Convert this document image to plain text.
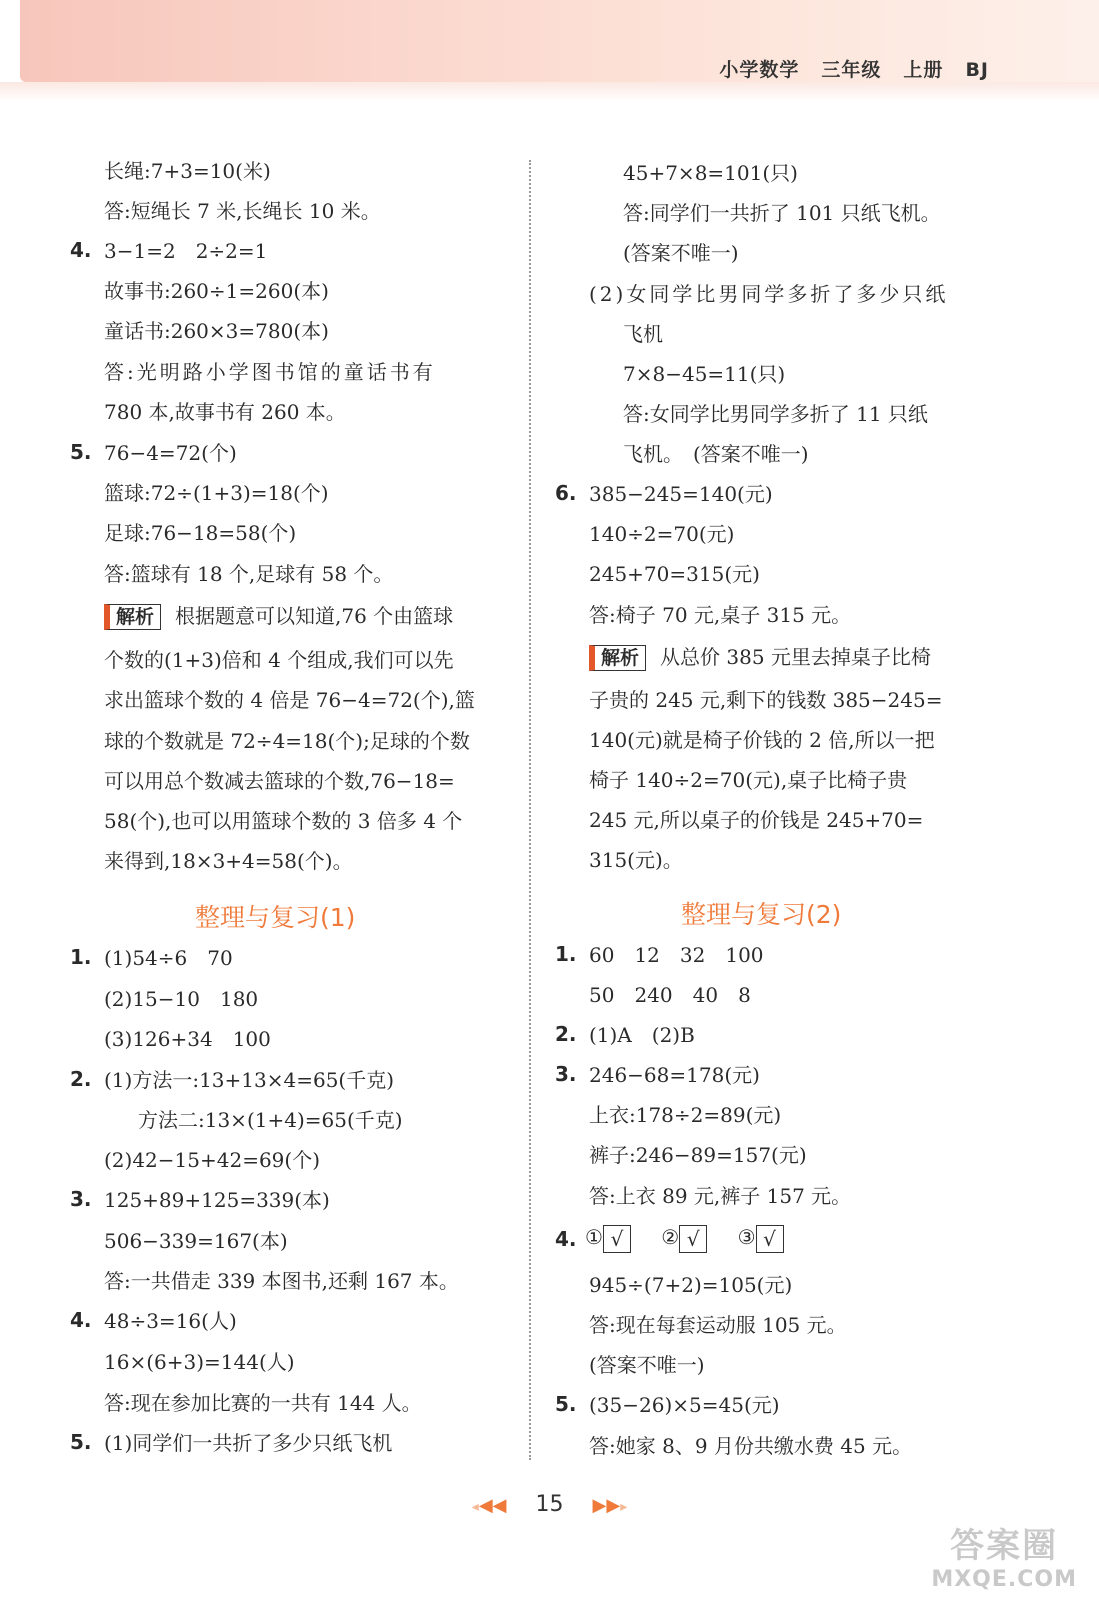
小学数学 三年级 上册 BJ
长绳:7+3=10(米)
答:短绳长 7 米,长绳长 10 米。
4. 3−1=2　2÷2=1
故事书:260÷1=260(本)
童话书:260×3=780(本)
答:光明路小学图书馆的童话书有
780 本,故事书有 260 本。
5. 76−4=72(个)
篮球:72÷(1+3)=18(个)
足球:76−18=58(个)
答:篮球有 18 个,足球有 58 个。
解析 根据题意可以知道,76 个由篮球
个数的(1+3)倍和 4 个组成,我们可以先
求出篮球个数的 4 倍是 76−4=72(个),篮
球的个数就是 72÷4=18(个);足球的个数
可以用总个数减去篮球的个数,76−18=
58(个),也可以用篮球个数的 3 倍多 4 个
来得到,18×3+4=58(个)。
整理与复习(1)
1. (1)54÷6　70
(2)15−10　180
(3)126+34　100
2. (1)方法一:13+13×4=65(千克)
方法二:13×(1+4)=65(千克)
(2)42−15+42=69(个)
3. 125+89+125=339(本)
506−339=167(本)
答:一共借走 339 本图书,还剩 167 本。
4. 48÷3=16(人)
16×(6+3)=144(人)
答:现在参加比赛的一共有 144 人。
5. (1)同学们一共折了多少只纸飞机
45+7×8=101(只)
答:同学们一共折了 101 只纸飞机。
(答案不唯一)
(2)女同学比男同学多折了多少只纸
飞机
7×8−45=11(只)
答:女同学比男同学多折了 11 只纸
飞机。　(答案不唯一)
6. 385−245=140(元)
140÷2=70(元)
245+70=315(元)
答:椅子 70 元,桌子 315 元。
解析 从总价 385 元里去掉桌子比椅
子贵的 245 元,剩下的钱数 385−245=
140(元)就是椅子价钱的 2 倍,所以一把
椅子 140÷2=70(元),桌子比椅子贵
245 元,所以桌子的价钱是 245+70=
315(元)。
整理与复习(2)
1. 60　12　32　100
50　240　40　8
2. (1)A　(2)B
3. 246−68=178(元)
上衣:178÷2=89(元)
裤子:246−89=157(元)
答:上衣 89 元,裤子 157 元。
4. ① √ ② √ ③ √
945÷(7+2)=105(元)
答:现在每套运动服 105 元。
(答案不唯一)
5. (35−26)×5=45(元)
答:她家 8、9 月份共缴水费 45 元。
◂◀◀ 15 ▶▶▸
答案圈
MXQE.COM
